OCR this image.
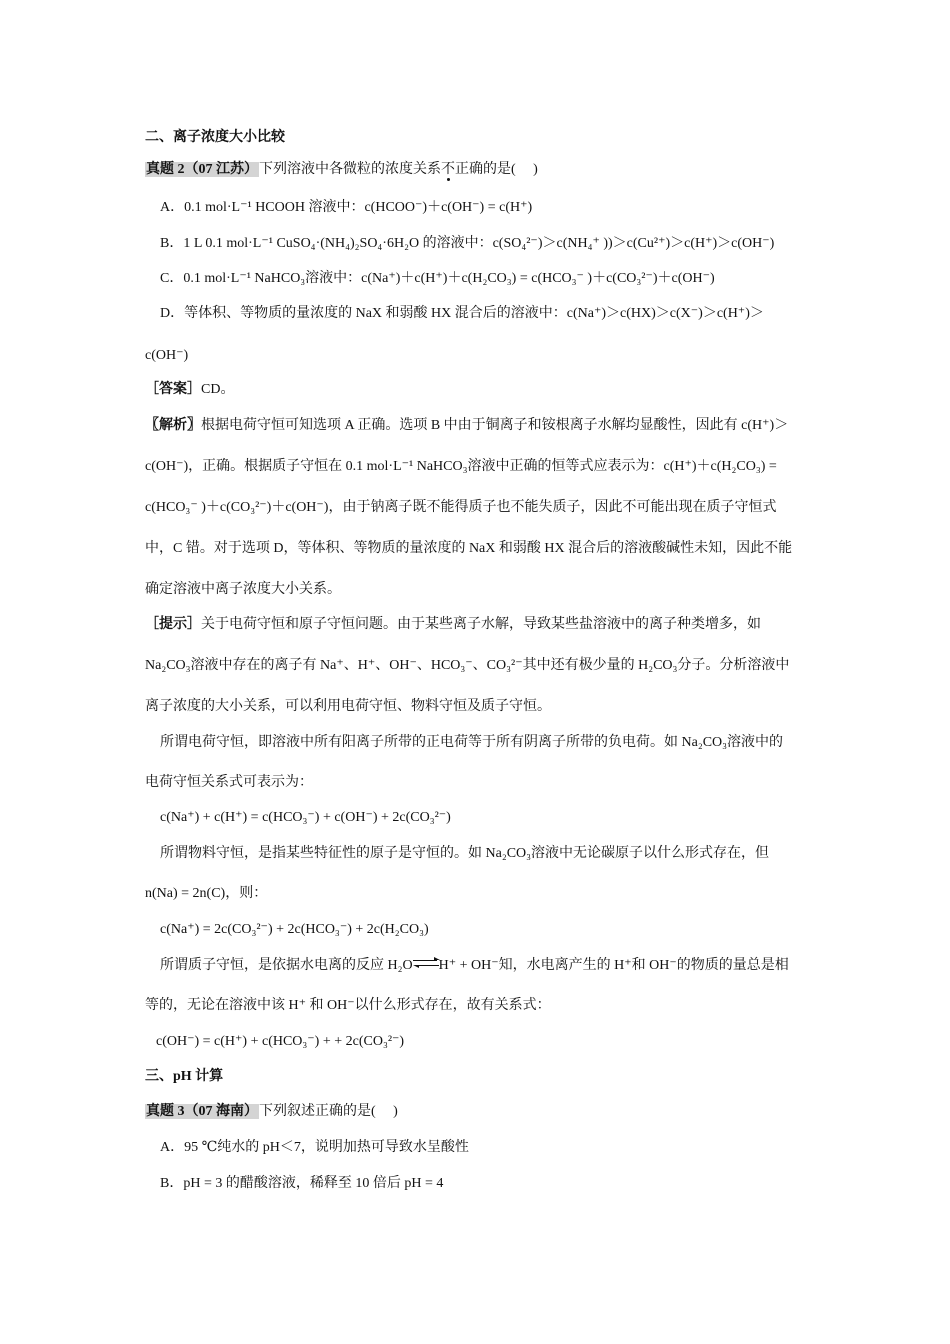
二、离子浓度大小比较
真题 2（07 江苏）下列溶液中各微粒的浓度关系不正确的是(　 )
A．0.1 mol·L⁻¹ HCOOH 溶液中：c(HCOO⁻)＋c(OH⁻) = c(H⁺)
B．1 L 0.1 mol·L⁻¹ CuSO₄·(NH₄)₂SO₄·6H₂O 的溶液中：c(SO₄²⁻)＞c(NH₄⁺ ))＞c(Cu²⁺)＞c(H⁺)＞c(OH⁻)
C．0.1 mol·L⁻¹ NaHCO₃溶液中：c(Na⁺)＋c(H⁺)＋c(H₂CO₃) = c(HCO₃⁻ )＋c(CO₃²⁻)＋c(OH⁻)
D．等体积、等物质的量浓度的 NaX 和弱酸 HX 混合后的溶液中：c(Na⁺)＞c(HX)＞c(X⁻)＞c(H⁺)＞
c(OH⁻)
［答案］CD。
〖解析〗根据电荷守恒可知选项 A 正确。选项 B 中由于铜离子和铵根离子水解均显酸性，因此有 c(H⁺)＞
c(OH⁻)，正确。根据质子守恒在 0.1 mol·L⁻¹ NaHCO₃溶液中正确的恒等式应表示为：c(H⁺)＋c(H₂CO₃) =
c(HCO₃⁻ )＋c(CO₃²⁻)＋c(OH⁻)，由于钠离子既不能得质子也不能失质子，因此不可能出现在质子守恒式
中，C 错。对于选项 D，等体积、等物质的量浓度的 NaX 和弱酸 HX 混合后的溶液酸碱性未知，因此不能
确定溶液中离子浓度大小关系。
［提示］关于电荷守恒和原子守恒问题。由于某些离子水解，导致某些盐溶液中的离子种类增多，如
Na₂CO₃溶液中存在的离子有 Na⁺、H⁺、OH⁻、HCO₃⁻、CO₃²⁻其中还有极少量的 H₂CO₃分子。分析溶液中
离子浓度的大小关系，可以利用电荷守恒、物料守恒及质子守恒。
所谓电荷守恒，即溶液中所有阳离子所带的正电荷等于所有阴离子所带的负电荷。如 Na₂CO₃溶液中的
电荷守恒关系式可表示为：
c(Na⁺) + c(H⁺) = c(HCO₃⁻) + c(OH⁻) + 2c(CO₃²⁻)
所谓物料守恒，是指某些特征性的原子是守恒的。如 Na₂CO₃溶液中无论碳原子以什么形式存在，但
n(Na) = 2n(C)，则：
c(Na⁺) = 2c(CO₃²⁻) + 2c(HCO₃⁻) + 2c(H₂CO₃)
所谓质子守恒，是依据水电离的反应 H₂O H⁺ + OH⁻知，水电离产生的 H⁺和 OH⁻的物质的量总是相
等的，无论在溶液中该 H⁺ 和 OH⁻以什么形式存在，故有关系式：
c(OH⁻) = c(H⁺) + c(HCO₃⁻) + + 2c(CO₃²⁻)
三、pH 计算
真题 3（07 海南）下列叙述正确的是(　 )
A．95 ℃纯水的 pH＜7，说明加热可导致水呈酸性
B．pH = 3 的醋酸溶液，稀释至 10 倍后 pH = 4
